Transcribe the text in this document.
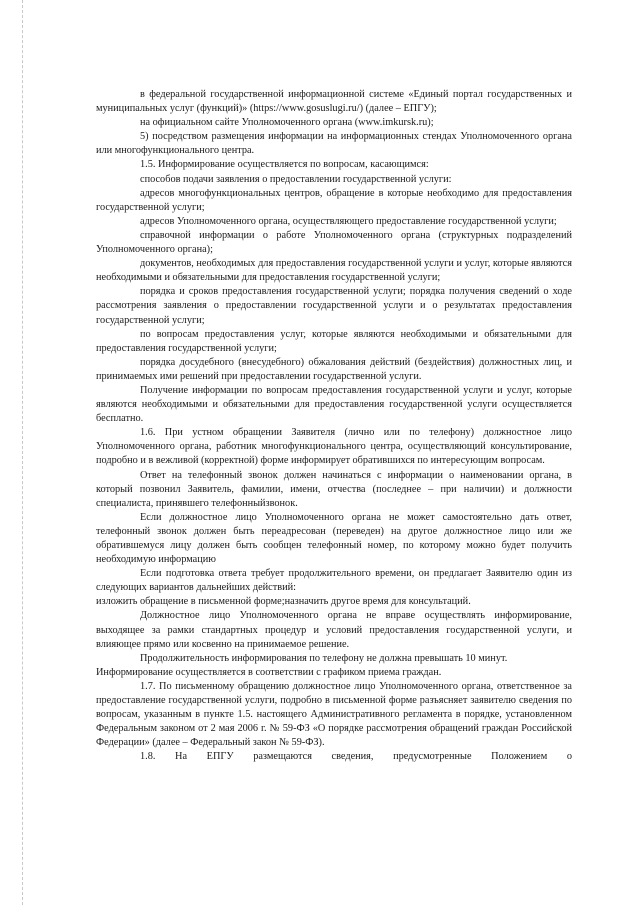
в федеральной государственной информационной системе «Единый портал государственных и муниципальных услуг (функций)» (https://www.gosuslugi.ru/) (далее – ЕПГУ);

на официальном сайте Уполномоченного органа (www.imkursk.ru);

5) посредством размещения информации на информационных стендах Уполномоченного органа или многофункционального центра.

1.5. Информирование осуществляется по вопросам, касающимся:

способов подачи заявления о предоставлении государственной услуги:

адресов многофункциональных центров, обращение в которые необходимо для предоставления государственной услуги;

адресов Уполномоченного органа, осуществляющего предоставление государственной услуги;

справочной информации о работе Уполномоченного органа (структурных подразделений Уполномоченного органа);

документов, необходимых для предоставления государственной услуги и услуг, которые являются необходимыми и обязательными для предоставления государственной услуги;

порядка и сроков предоставления государственной услуги; порядка получения сведений о ходе рассмотрения заявления о предоставлении государственной услуги и о результатах предоставления государственной услуги;

по вопросам предоставления услуг, которые являются необходимыми и обязательными для предоставления государственной услуги;

порядка досудебного (внесудебного) обжалования действий (бездействия) должностных лиц, и принимаемых ими решений при предоставлении государственной услуги.

Получение информации по вопросам предоставления государственной услуги и услуг, которые являются необходимыми и обязательными для предоставления государственной услуги осуществляется бесплатно.

1.6. При устном обращении Заявителя (лично или по телефону) должностное лицо Уполномоченного органа, работник многофункционального центра, осуществляющий консультирование, подробно и в вежливой (корректной) форме информирует обратившихся по интересующим вопросам.

Ответ на телефонный звонок должен начинаться с информации о наименовании органа, в который позвонил Заявитель, фамилии, имени, отчества (последнее – при наличии) и должности специалиста, принявшего телефонныйзвонок.

Если должностное лицо Уполномоченного органа не может самостоятельно дать ответ, телефонный звонок должен быть переадресован (переведен) на другое должностное лицо или же обратившемуся лицу должен быть сообщен телефонный номер, по которому можно будет получить необходимую информацию

Если подготовка ответа требует продолжительного времени, он предлагает Заявителю один из следующих вариантов дальнейших действий:

изложить обращение в письменной форме;назначить другое время для консультаций.

Должностное лицо Уполномоченного органа не вправе осуществлять информирование, выходящее за рамки стандартных процедур и условий предоставления государственной услуги, и влияющее прямо или косвенно на принимаемое решение.

Продолжительность информирования по телефону не должна превышать 10 минут.

Информирование осуществляется в соответствии с графиком приема граждан.

1.7. По письменному обращению должностное лицо Уполномоченного органа, ответственное за предоставление государственной услуги, подробно в письменной форме разъясняет заявителю сведения по вопросам, указанным в пункте 1.5. настоящего Административного регламента в порядке, установленном Федеральным законом от 2 мая 2006 г. № 59-ФЗ «О порядке рассмотрения обращений граждан Российской Федерации» (далее – Федеральный закон № 59-ФЗ).

1.8. На ЕПГУ размещаются сведения, предусмотренные Положением о
